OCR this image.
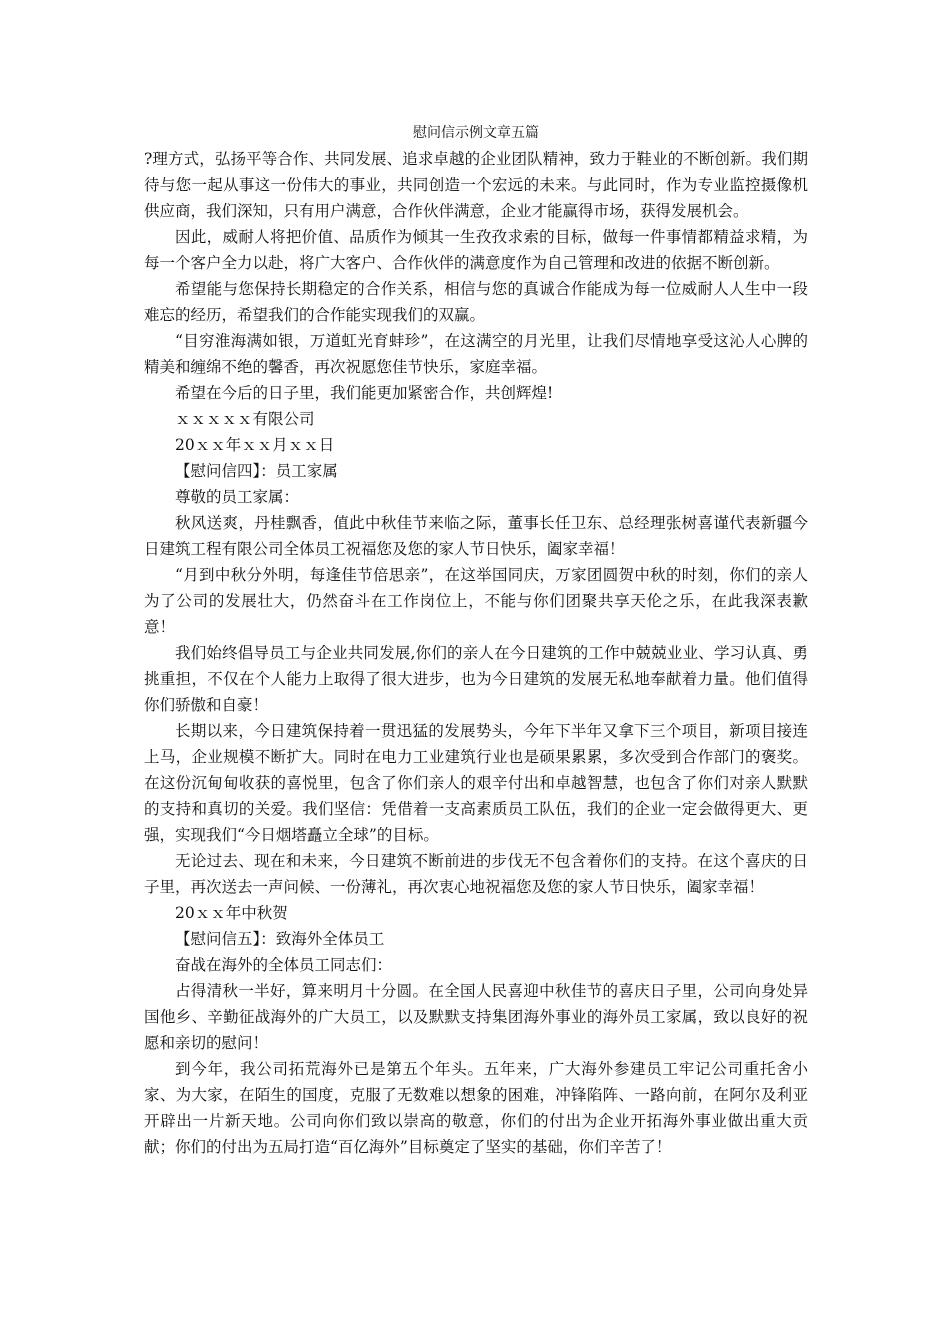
慰问信示例文章五篇

?理方式，弘扬平等合作、共同发展、追求卓越的企业团队精神，致力于鞋业的不断创新。我们期待与您一起从事这一份伟大的事业，共同创造一个宏远的未来。与此同时，作为专业监控摄像机供应商，我们深知，只有用户满意，合作伙伴满意，企业才能赢得市场，获得发展机会。

因此，威耐人将把价值、品质作为倾其一生孜孜求索的目标，做每一件事情都精益求精，为每一个客户全力以赴，将广大客户、合作伙伴的满意度作为自己管理和改进的依据不断创新。

希望能与您保持长期稳定的合作关系，相信与您的真诚合作能成为每一位威耐人人生中一段难忘的经历，希望我们的合作能实现我们的双赢。

“目穷淮海满如银，万道虹光育蚌珍”，在这满空的月光里，让我们尽情地享受这沁人心脾的精美和缠绵不绝的馨香，再次祝愿您佳节快乐，家庭幸福。

希望在今后的日子里，我们能更加紧密合作，共创辉煌!

ｘｘｘｘｘ有限公司

20ｘｘ年ｘｘ月ｘｘ日

【慰问信四】：员工家属

尊敬的员工家属：

秋风送爽，丹桂飘香，值此中秋佳节来临之际，董事长任卫东、总经理张树喜谨代表新疆今日建筑工程有限公司全体员工祝福您及您的家人节日快乐，阖家幸福！

“月到中秋分外明，每逢佳节倍思亲”，在这举国同庆，万家团圆贺中秋的时刻，你们的亲人为了公司的发展壮大，仍然奋斗在工作岗位上，不能与你们团聚共享天伦之乐，在此我深表歉意！

我们始终倡导员工与企业共同发展,你们的亲人在今日建筑的工作中兢兢业业、学习认真、勇挑重担，不仅在个人能力上取得了很大进步，也为今日建筑的发展无私地奉献着力量。他们值得你们骄傲和自豪！

长期以来，今日建筑保持着一贯迅猛的发展势头，今年下半年又拿下三个项目，新项目接连上马，企业规模不断扩大。同时在电力工业建筑行业也是硕果累累，多次受到合作部门的褒奖。在这份沉甸甸收获的喜悦里，包含了你们亲人的艰辛付出和卓越智慧，也包含了你们对亲人默默的支持和真切的关爱。我们坚信：凭借着一支高素质员工队伍，我们的企业一定会做得更大、更强，实现我们“今日烟塔矗立全球”的目标。

无论过去、现在和未来，今日建筑不断前进的步伐无不包含着你们的支持。在这个喜庆的日子里，再次送去一声问候、一份薄礼，再次衷心地祝福您及您的家人节日快乐，阖家幸福！

20ｘｘ年中秋贺

【慰问信五】：致海外全体员工

奋战在海外的全体员工同志们：

占得清秋一半好，算来明月十分圆。在全国人民喜迎中秋佳节的喜庆日子里，公司向身处异国他乡、辛勤征战海外的广大员工，以及默默支持集团海外事业的海外员工家属，致以良好的祝愿和亲切的慰问！

到今年，我公司拓荒海外已是第五个年头。五年来，广大海外参建员工牢记公司重托舍小家、为大家，在陌生的国度，克服了无数难以想象的困难，冲锋陷阵、一路向前，在阿尔及利亚开辟出一片新天地。公司向你们致以崇高的敬意，你们的付出为企业开拓海外事业做出重大贡献；你们的付出为五局打造“百亿海外”目标奠定了坚实的基础，你们辛苦了！
